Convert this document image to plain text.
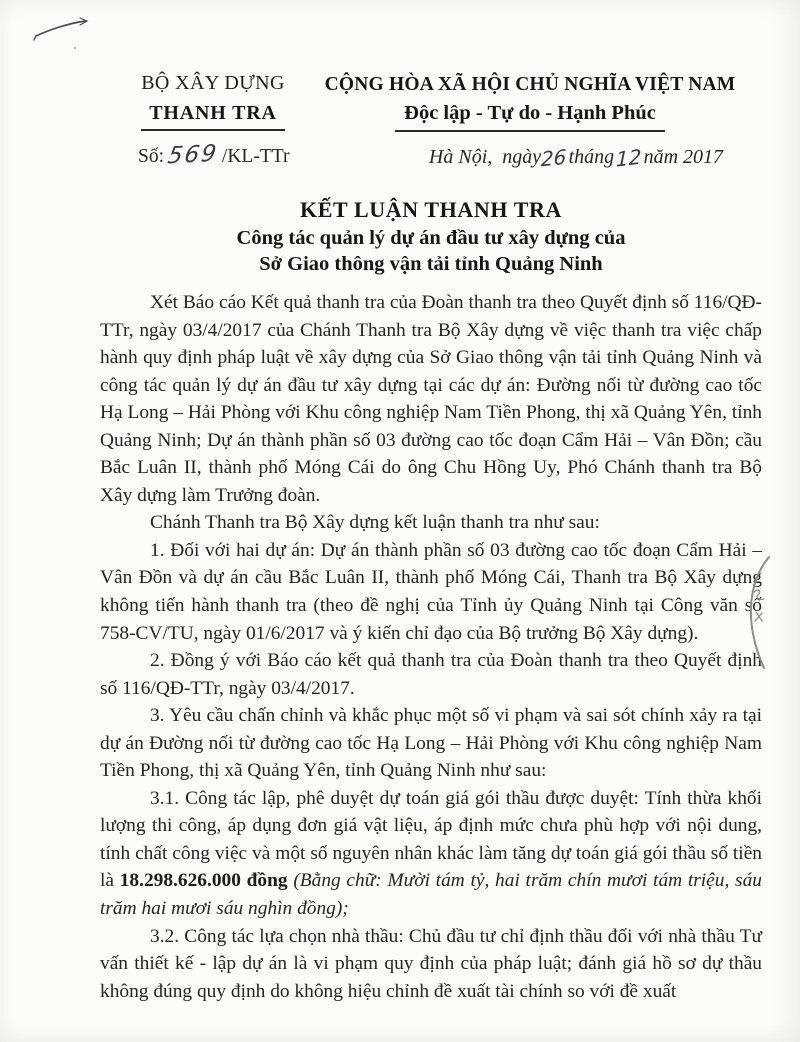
BỘ XÂY DỰNG
THANH TRA
Số:569 /KL-TTr
CỘNG HÒA XÃ HỘI CHỦ NGHĨA VIỆT NAM
Độc lập - Tự do - Hạnh Phúc
Hà Nội,  ngày26tháng12năm 2017
KẾT LUẬN THANH TRA
Công tác quản lý dự án đầu tư xây dựng của
Sở Giao thông vận tải tỉnh Quảng Ninh

Xét Báo cáo Kết quả thanh tra của Đoàn thanh tra theo Quyết định số 116/QĐ-TTr, ngày 03/4/2017 của Chánh Thanh tra Bộ Xây dựng về việc thanh tra việc chấp hành quy định pháp luật về xây dựng của Sở Giao thông vận tải tỉnh Quảng Ninh và công tác quản lý dự án đầu tư xây dựng tại các dự án: Đường nối từ đường cao tốc Hạ Long – Hải Phòng với Khu công nghiệp Nam Tiền Phong, thị xã Quảng Yên, tỉnh Quảng Ninh; Dự án thành phần số 03 đường cao tốc đoạn Cẩm Hải – Vân Đồn; cầu Bắc Luân II, thành phố Móng Cái do ông Chu Hồng Uy, Phó Chánh thanh tra Bộ Xây dựng làm Trưởng đoàn.

Chánh Thanh tra Bộ Xây dựng kết luận thanh tra như sau:

1. Đối với hai dự án: Dự án thành phần số 03 đường cao tốc đoạn Cẩm Hải – Vân Đồn và dự án cầu Bắc Luân II, thành phố Móng Cái, Thanh tra Bộ Xây dựng không tiến hành thanh tra (theo đề nghị của Tỉnh ủy Quảng Ninh tại Công văn số 758-CV/TU, ngày 01/6/2017 và ý kiến chỉ đạo của Bộ trưởng Bộ Xây dựng).

2. Đồng ý với Báo cáo kết quả thanh tra của Đoàn thanh tra theo Quyết định số 116/QĐ-TTr, ngày 03/4/2017.

3. Yêu cầu chấn chỉnh và khắc phục một số vi phạm và sai sót chính xảy ra tại dự án Đường nối từ đường cao tốc Hạ Long – Hải Phòng với Khu công nghiệp Nam Tiền Phong, thị xã Quảng Yên, tỉnh Quảng Ninh như sau:

3.1. Công tác lập, phê duyệt dự toán giá gói thầu được duyệt: Tính thừa khối lượng thi công, áp dụng đơn giá vật liệu, áp định mức chưa phù hợp với nội dung, tính chất công việc và một số nguyên nhân khác làm tăng dự toán giá gói thầu số tiền là 18.298.626.000 đồng (Bằng chữ: Mười tám tỷ, hai trăm chín mươi tám triệu, sáu trăm hai mươi sáu nghìn đồng);

3.2. Công tác lựa chọn nhà thầu: Chủ đầu tư chỉ định thầu đối với nhà thầu Tư vấn thiết kế - lập dự án là vi phạm quy định của pháp luật; đánh giá hồ sơ dự thầu không đúng quy định do không hiệu chỉnh đề xuất tài chính so với đề xuất
